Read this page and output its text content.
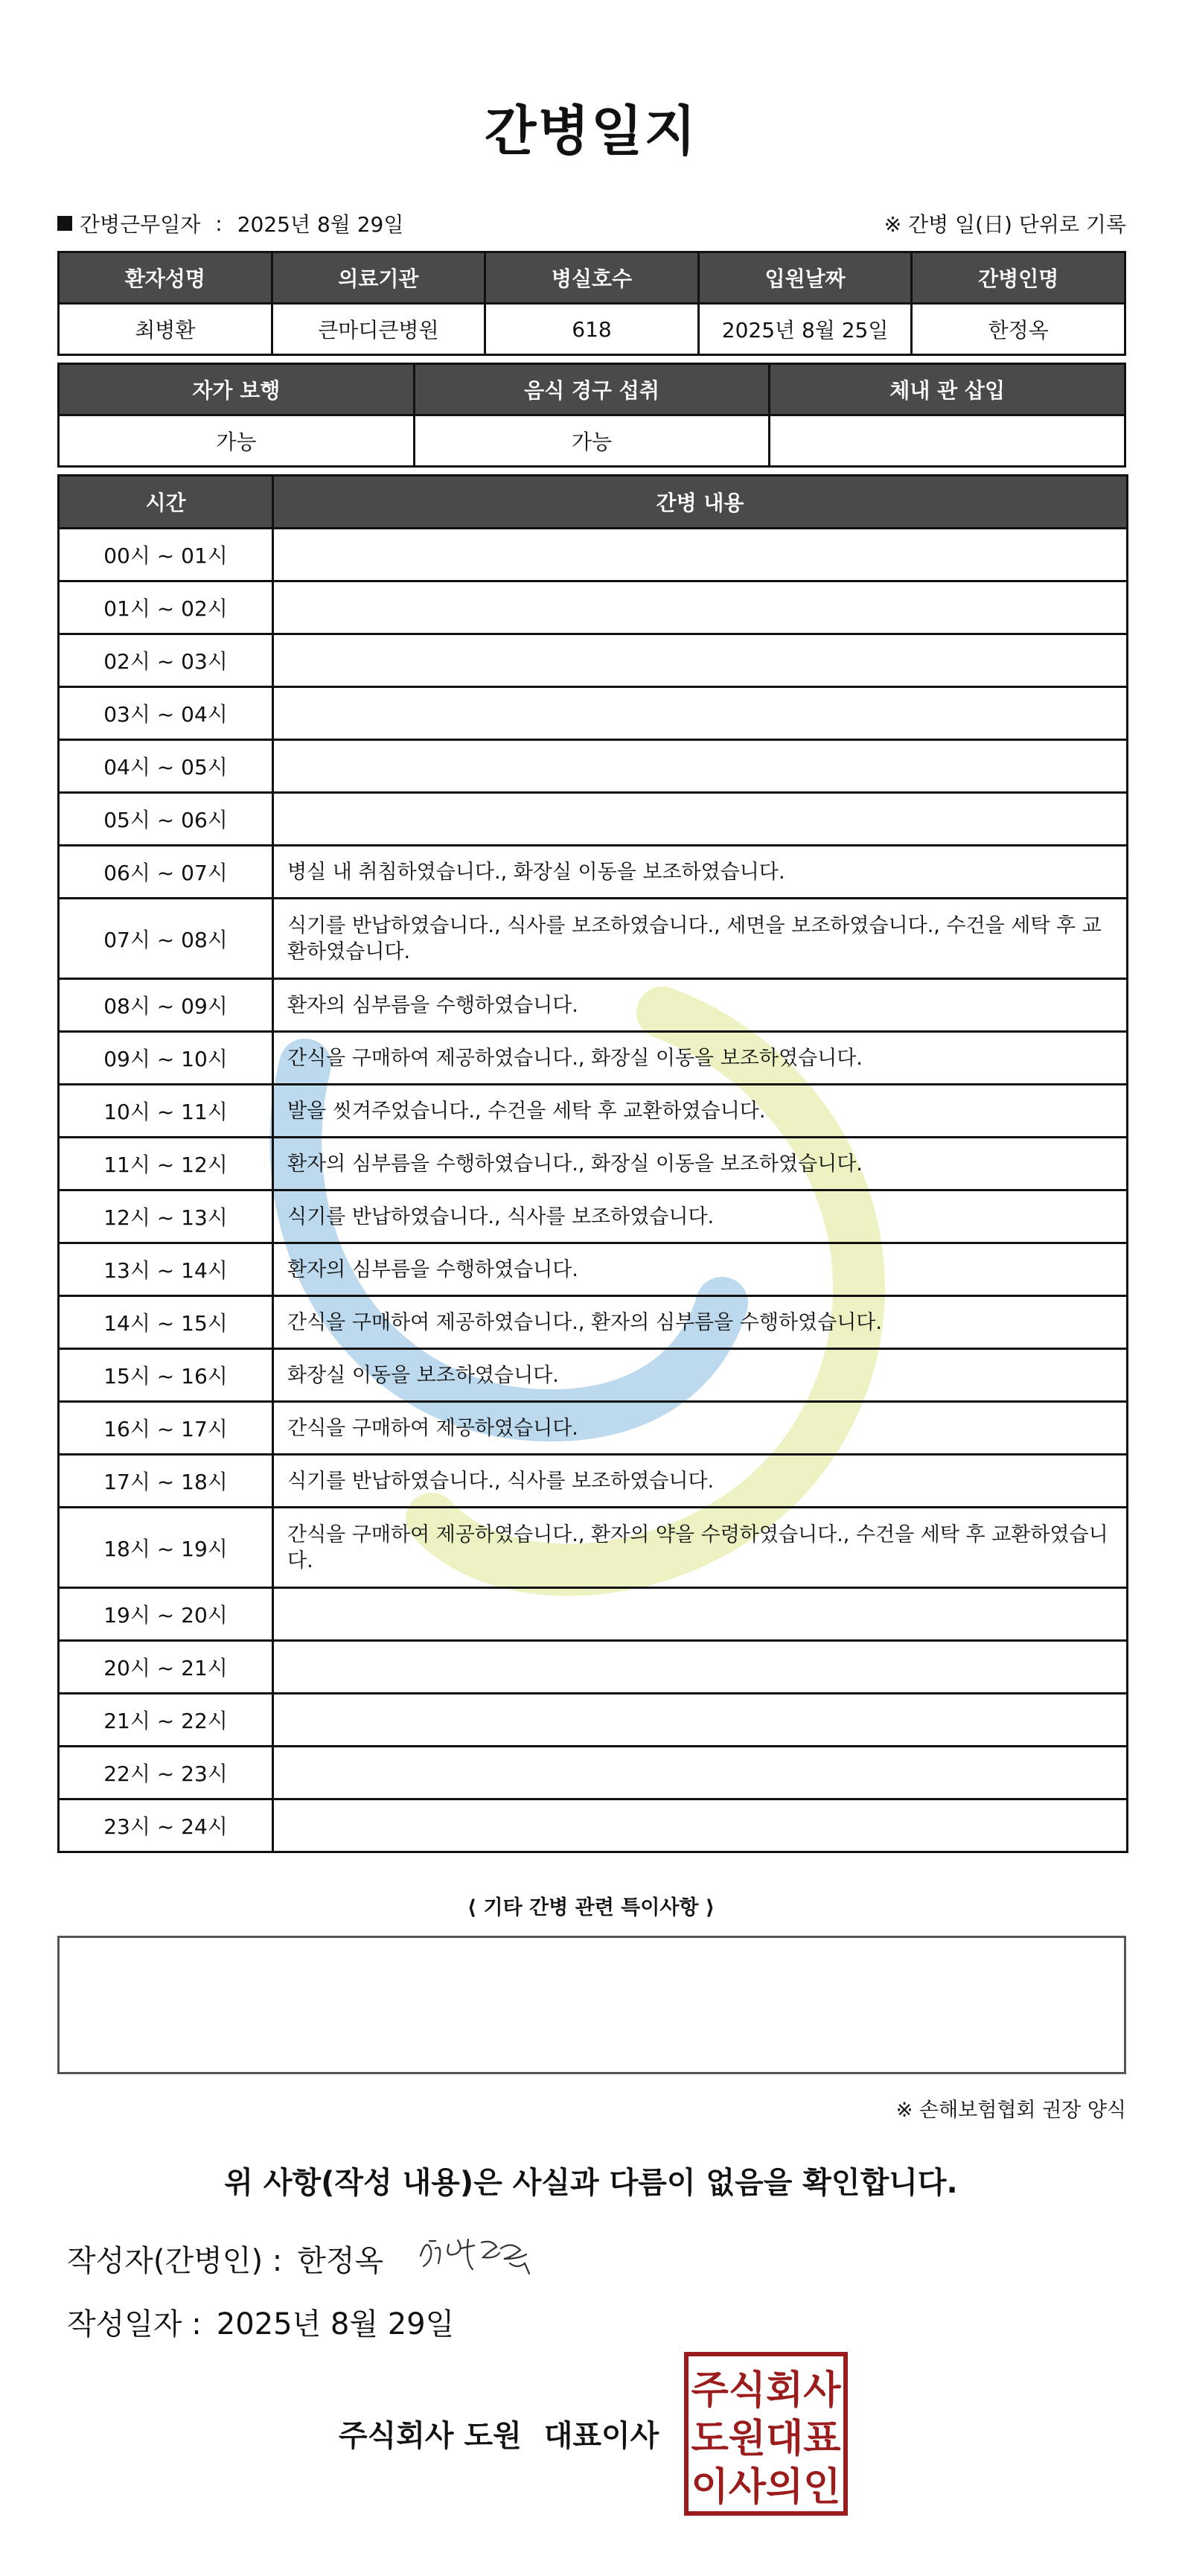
간병일지
간병근무일자 : 2025년 8월 29일	※ 간병 일(日) 단위로 기록
환자성명	의료기관	병실호수	입원날짜	간병인명
최병환	큰마디큰병원	618	2025년 8월 25일	한정옥
자가 보행	음식 경구 섭취	체내 관 삽입
가능	가능	
시간	간병 내용
00시 ~ 01시	
01시 ~ 02시	
02시 ~ 03시	
03시 ~ 04시	
04시 ~ 05시	
05시 ~ 06시	
06시 ~ 07시	병실 내 취침하였습니다., 화장실 이동을 보조하였습니다.
07시 ~ 08시	식기를 반납하였습니다., 식사를 보조하였습니다., 세면을 보조하였습니다., 수건을 세탁 후 교환하였습니다.
08시 ~ 09시	환자의 심부름을 수행하였습니다.
09시 ~ 10시	간식을 구매하여 제공하였습니다., 화장실 이동을 보조하였습니다.
10시 ~ 11시	발을 씻겨주었습니다., 수건을 세탁 후 교환하였습니다.
11시 ~ 12시	환자의 심부름을 수행하였습니다., 화장실 이동을 보조하였습니다.
12시 ~ 13시	식기를 반납하였습니다., 식사를 보조하였습니다.
13시 ~ 14시	환자의 심부름을 수행하였습니다.
14시 ~ 15시	간식을 구매하여 제공하였습니다., 환자의 심부름을 수행하였습니다.
15시 ~ 16시	화장실 이동을 보조하였습니다.
16시 ~ 17시	간식을 구매하여 제공하였습니다.
17시 ~ 18시	식기를 반납하였습니다., 식사를 보조하였습니다.
18시 ~ 19시	간식을 구매하여 제공하였습니다., 환자의 약을 수령하였습니다., 수건을 세탁 후 교환하였습니다.
19시 ~ 20시	
20시 ~ 21시	
21시 ~ 22시	
22시 ~ 23시	
23시 ~ 24시	
⟨ 기타 간병 관련 특이사항 ⟩
※ 손해보험협회 권장 양식
위 사항(작성 내용)은 사실과 다름이 없음을 확인합니다.
작성자(간병인) : 한정옥
작성일자 : 2025년 8월 29일
주식회사 도원 대표이사
주식회사
도원대표
이사의인
